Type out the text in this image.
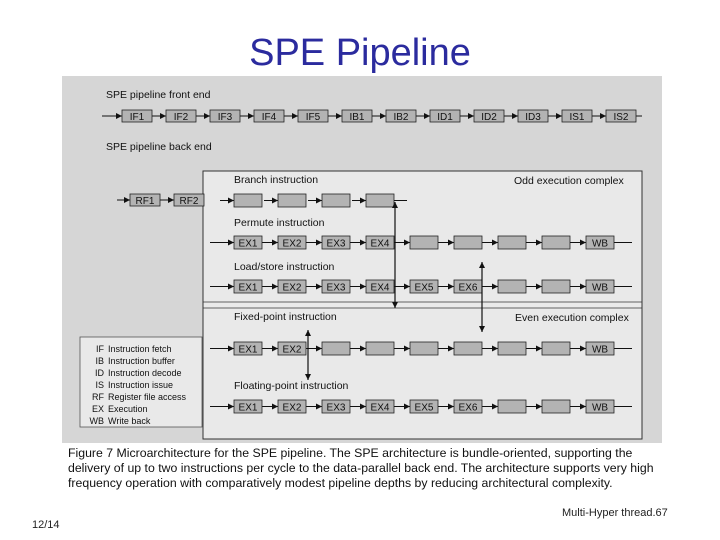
SPE Pipeline
SPE pipeline front end
SPE pipeline back end
Odd execution complex
Even execution complex
IF1	IF2	IF3	IF4	IF5	IB1	IB2	ID1	ID2	ID3	IS1	IS2
RF1	RF2
Branch instruction
Permute instruction
EX1	EX2	EX3	EX4	WB
Load/store instruction
EX1	EX2	EX3	EX4	EX5	EX6	WB
Fixed-point instruction
EX1	EX2	WB
Floating-point instruction
EX1	EX2	EX3	EX4	EX5	EX6	WB
IF Instruction fetch
IB Instruction buffer
ID Instruction decode
IS Instruction issue
RF Register file access
EX Execution
WB Write back
Figure 7 Microarchitecture for the SPE pipeline. The SPE architecture is bundle-oriented, supporting the delivery of up to two instructions per cycle to the data-parallel back end. The architecture supports very high frequency operation with comparatively modest pipeline depths by reducing architectural complexity.
12/14
Multi-Hyper thread.67
